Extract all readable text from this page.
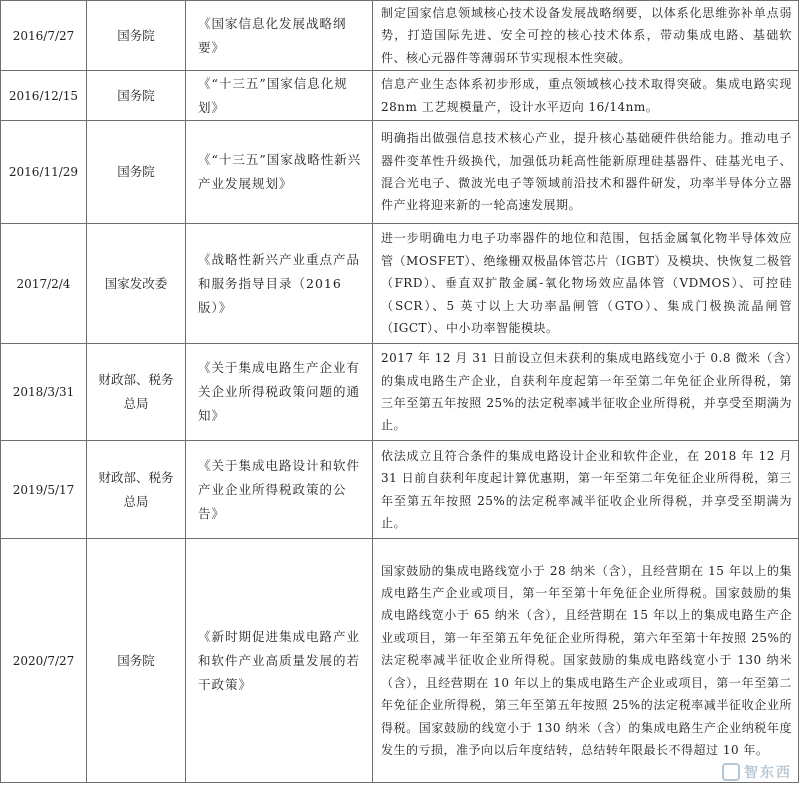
2016/7/27	国务院	《国家信息化发展战略纲要》	制定国家信息领域核心技术设备发展战略纲要，以体系化思维弥补单点弱势，打造国际先进、安全可控的核心技术体系，带动集成电路、基础软件、核心元器件等薄弱环节实现根本性突破。
2016/12/15	国务院	《“十三五”国家信息化规划》	信息产业生态体系初步形成，重点领域核心技术取得突破。集成电路实现 28nm 工艺规模量产，设计水平迈向 16/14nm。
2016/11/29	国务院	《“十三五”国家战略性新兴产业发展规划》	明确指出做强信息技术核心产业，提升核心基础硬件供给能力。推动电子器件变革性升级换代，加强低功耗高性能新原理硅基器件、硅基光电子、混合光电子、微波光电子等领域前沿技术和器件研发，功率半导体分立器件产业将迎来新的一轮高速发展期。
2017/2/4	国家发改委	《战略性新兴产业重点产品和服务指导目录（2016 版）》	进一步明确电力电子功率器件的地位和范围，包括金属氧化物半导体效应管（MOSFET）、绝缘栅双极晶体管芯片（IGBT）及模块、快恢复二极管（FRD）、垂直双扩散金属-氧化物场效应晶体管（VDMOS）、可控硅（SCR）、5 英寸以上大功率晶闸管（GTO）、集成门极换流晶闸管（IGCT）、中小功率智能模块。
2018/3/31	财政部、税务总局	《关于集成电路生产企业有关企业所得税政策问题的通知》	2017 年 12 月 31 日前设立但未获利的集成电路线宽小于 0.8 微米（含）的集成电路生产企业，自获利年度起第一年至第二年免征企业所得税，第三年至第五年按照 25%的法定税率减半征收企业所得税，并享受至期满为止。
2019/5/17	财政部、税务总局	《关于集成电路设计和软件产业企业所得税政策的公告》	依法成立且符合条件的集成电路设计企业和软件企业，在 2018 年 12 月 31 日前自获利年度起计算优惠期，第一年至第二年免征企业所得税，第三年至第五年按照 25%的法定税率减半征收企业所得税，并享受至期满为止。
2020/7/27	国务院	《新时期促进集成电路产业和软件产业高质量发展的若干政策》	国家鼓励的集成电路线宽小于 28 纳米（含），且经营期在 15 年以上的集成电路生产企业或项目，第一年至第十年免征企业所得税。国家鼓励的集成电路线宽小于 65 纳米（含），且经营期在 15 年以上的集成电路生产企业或项目，第一年至第五年免征企业所得税，第六年至第十年按照 25%的法定税率减半征收企业所得税。国家鼓励的集成电路线宽小于 130 纳米（含），且经营期在 10 年以上的集成电路生产企业或项目，第一年至第二年免征企业所得税，第三年至第五年按照 25%的法定税率减半征收企业所得税。国家鼓励的线宽小于 130 纳米（含）的集成电路生产企业纳税年度发生的亏损，准予向以后年度结转，总结转年限最长不得超过 10 年。
智东西
